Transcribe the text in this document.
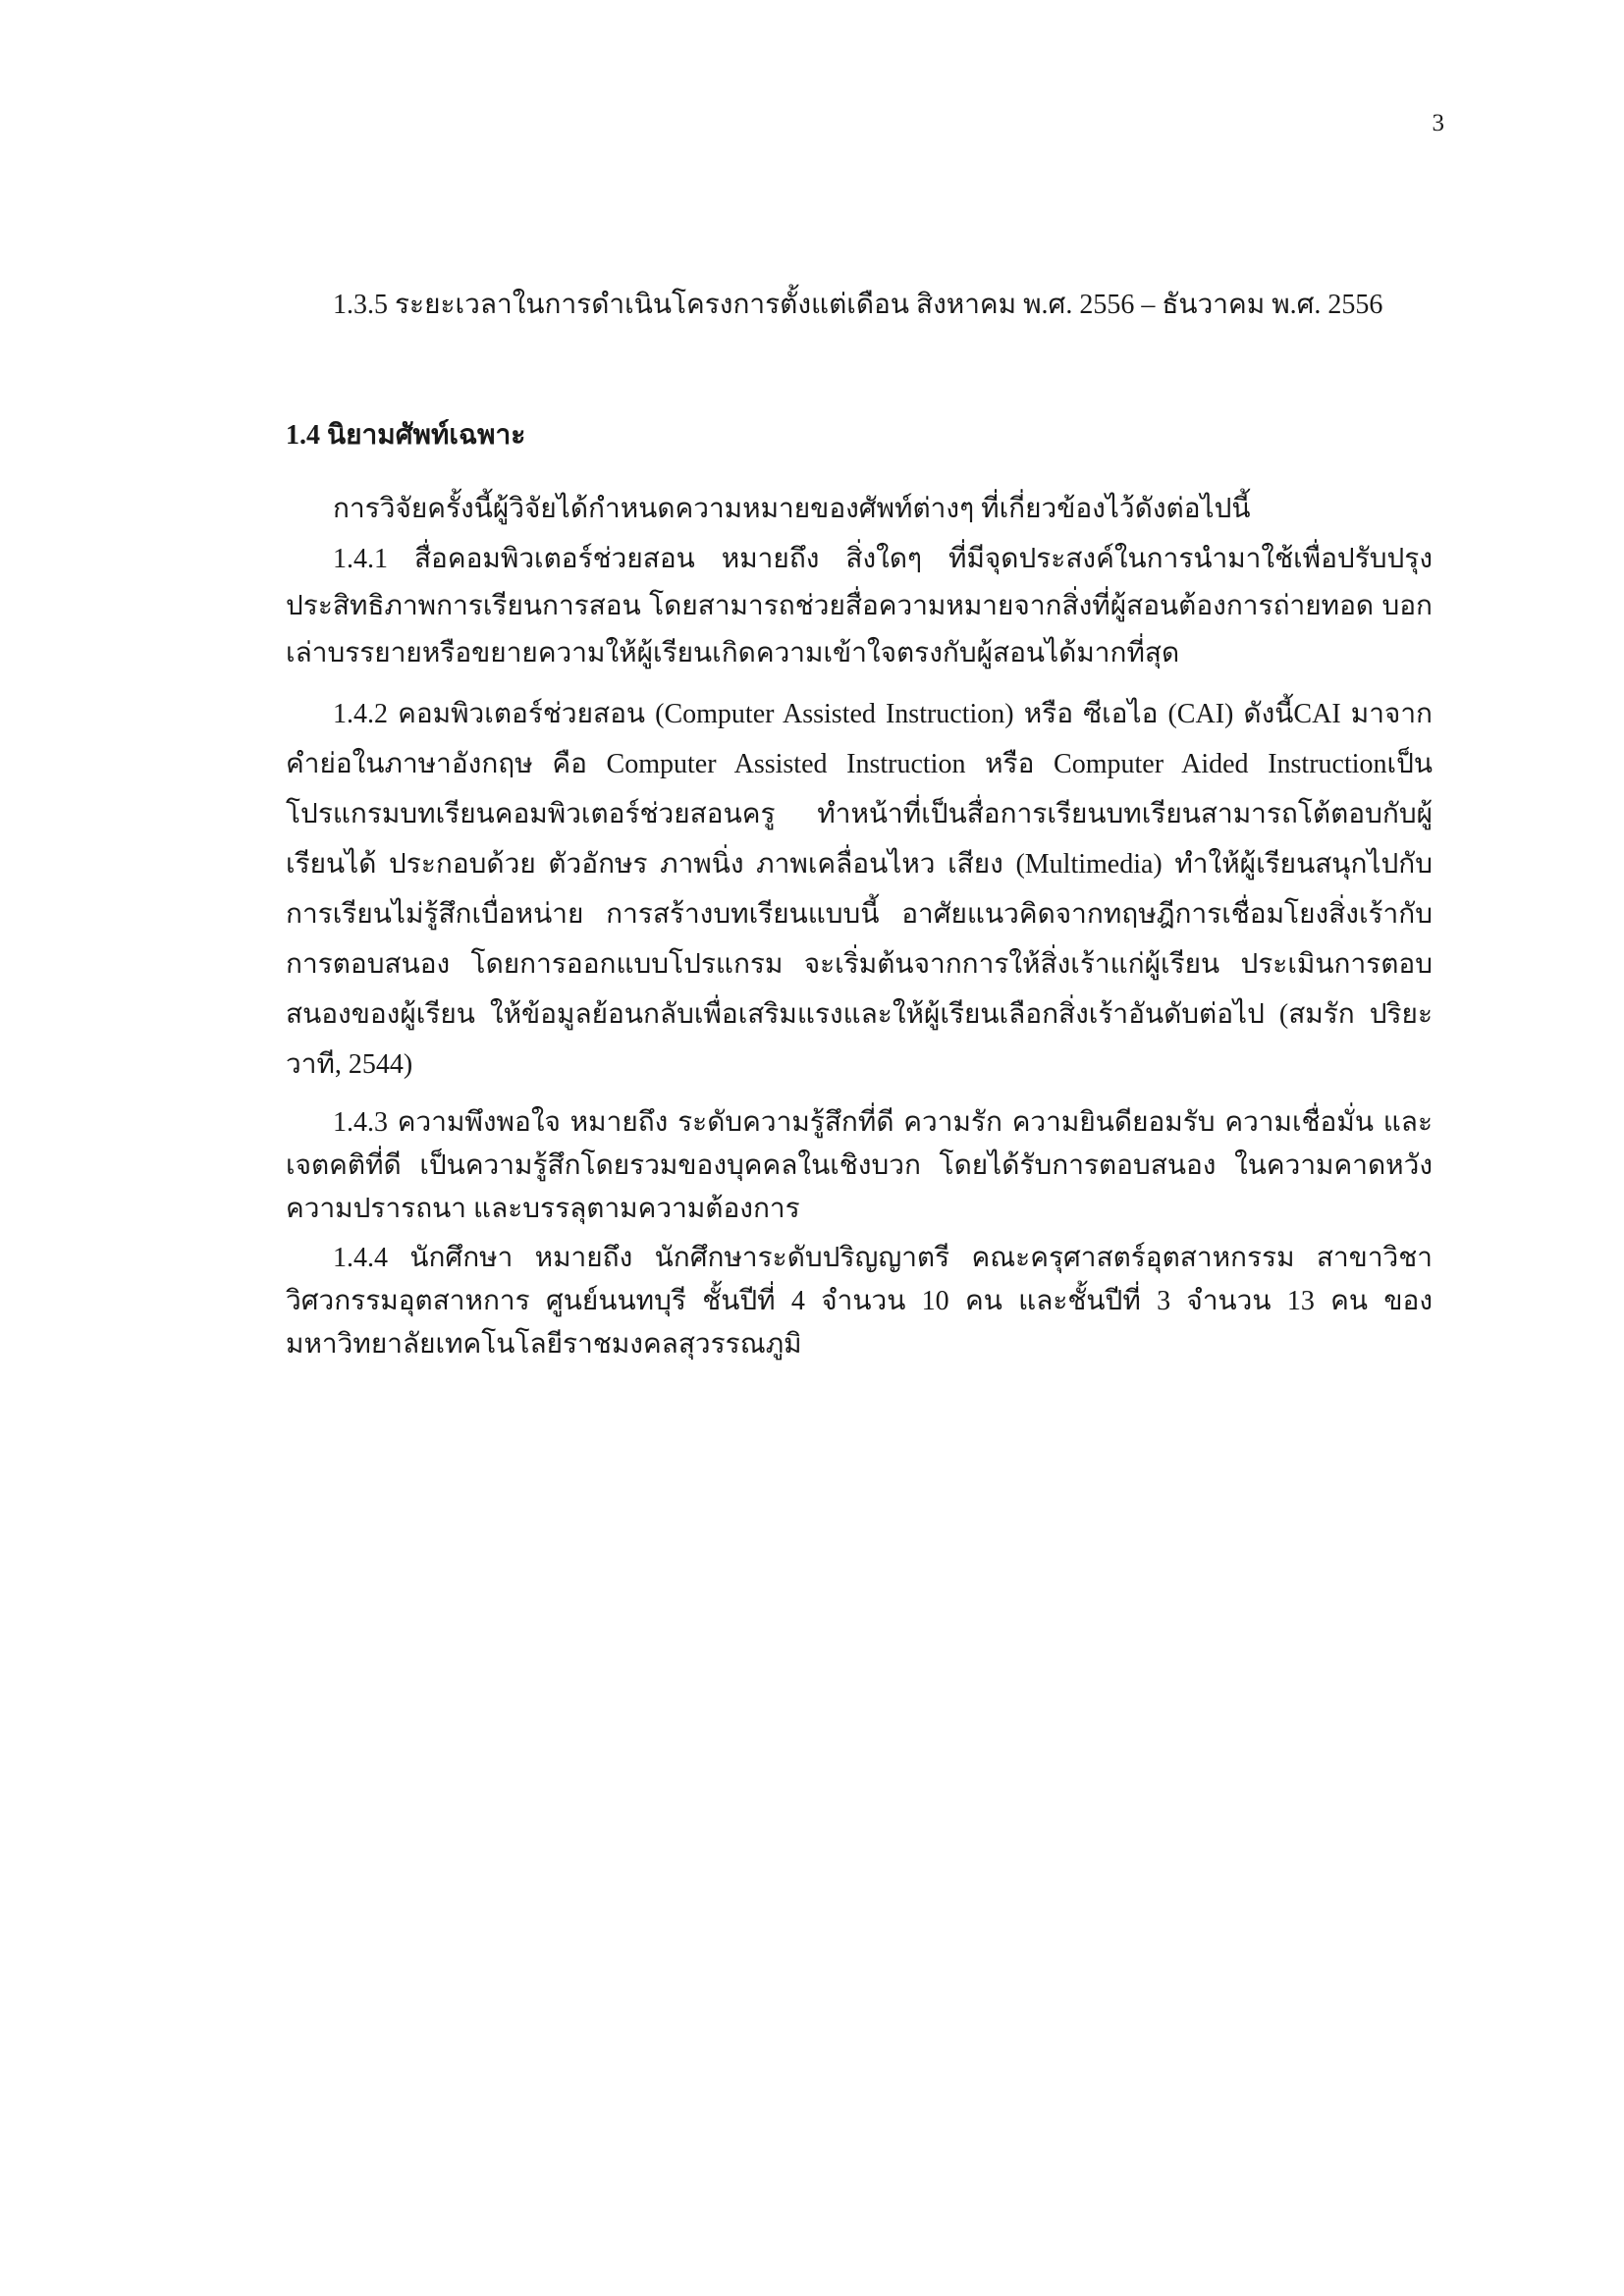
3

1.3.5 ระยะเวลาในการดำเนินโครงการตั้งแต่เดือน สิงหาคม พ.ศ. 2556 – ธันวาคม พ.ศ. 2556

1.4 นิยามศัพท์เฉพาะ

การวิจัยครั้งนี้ผู้วิจัยได้กำหนดความหมายของศัพท์ต่างๆ ที่เกี่ยวข้องไว้ดังต่อไปนี้

1.4.1 สื่อคอมพิวเตอร์ช่วยสอน หมายถึง สิ่งใดๆ ที่มีจุดประสงค์ในการนำมาใช้เพื่อปรับปรุงประสิทธิภาพการเรียนการสอน โดยสามารถช่วยสื่อความหมายจากสิ่งที่ผู้สอนต้องการถ่ายทอด บอกเล่าบรรยายหรือขยายความให้ผู้เรียนเกิดความเข้าใจตรงกับผู้สอนได้มากที่สุด

1.4.2 คอมพิวเตอร์ช่วยสอน (Computer Assisted Instruction) หรือ ซีเอไอ (CAI) ดังนี้CAI มาจากคำย่อในภาษาอังกฤษ คือ Computer Assisted Instruction หรือ Computer Aided Instructionเป็นโปรแกรมบทเรียนคอมพิวเตอร์ช่วยสอนครู ทำหน้าที่เป็นสื่อการเรียนบทเรียนสามารถโต้ตอบกับผู้เรียนได้ ประกอบด้วย ตัวอักษร ภาพนิ่ง ภาพเคลื่อนไหว เสียง (Multimedia) ทำให้ผู้เรียนสนุกไปกับการเรียนไม่รู้สึกเบื่อหน่าย การสร้างบทเรียนแบบนี้ อาศัยแนวคิดจากทฤษฎีการเชื่อมโยงสิ่งเร้ากับการตอบสนอง โดยการออกแบบโปรแกรม จะเริ่มต้นจากการให้สิ่งเร้าแก่ผู้เรียน ประเมินการตอบสนองของผู้เรียน ให้ข้อมูลย้อนกลับเพื่อเสริมแรงและให้ผู้เรียนเลือกสิ่งเร้าอันดับต่อไป (สมรัก ปริยะวาที, 2544)

1.4.3 ความพึงพอใจ หมายถึง ระดับความรู้สึกที่ดี ความรัก ความยินดียอมรับ ความเชื่อมั่น และเจตคติที่ดี เป็นความรู้สึกโดยรวมของบุคคลในเชิงบวก โดยได้รับการตอบสนอง ในความคาดหวัง ความปรารถนา และบรรลุตามความต้องการ

1.4.4 นักศึกษา หมายถึง นักศึกษาระดับปริญญาตรี คณะครุศาสตร์อุตสาหกรรม สาขาวิชาวิศวกรรมอุตสาหการ ศูนย์นนทบุรี ชั้นปีที่ 4 จำนวน 10 คน และชั้นปีที่ 3 จำนวน 13 คน ของมหาวิทยาลัยเทคโนโลยีราชมงคลสุวรรณภูมิ
